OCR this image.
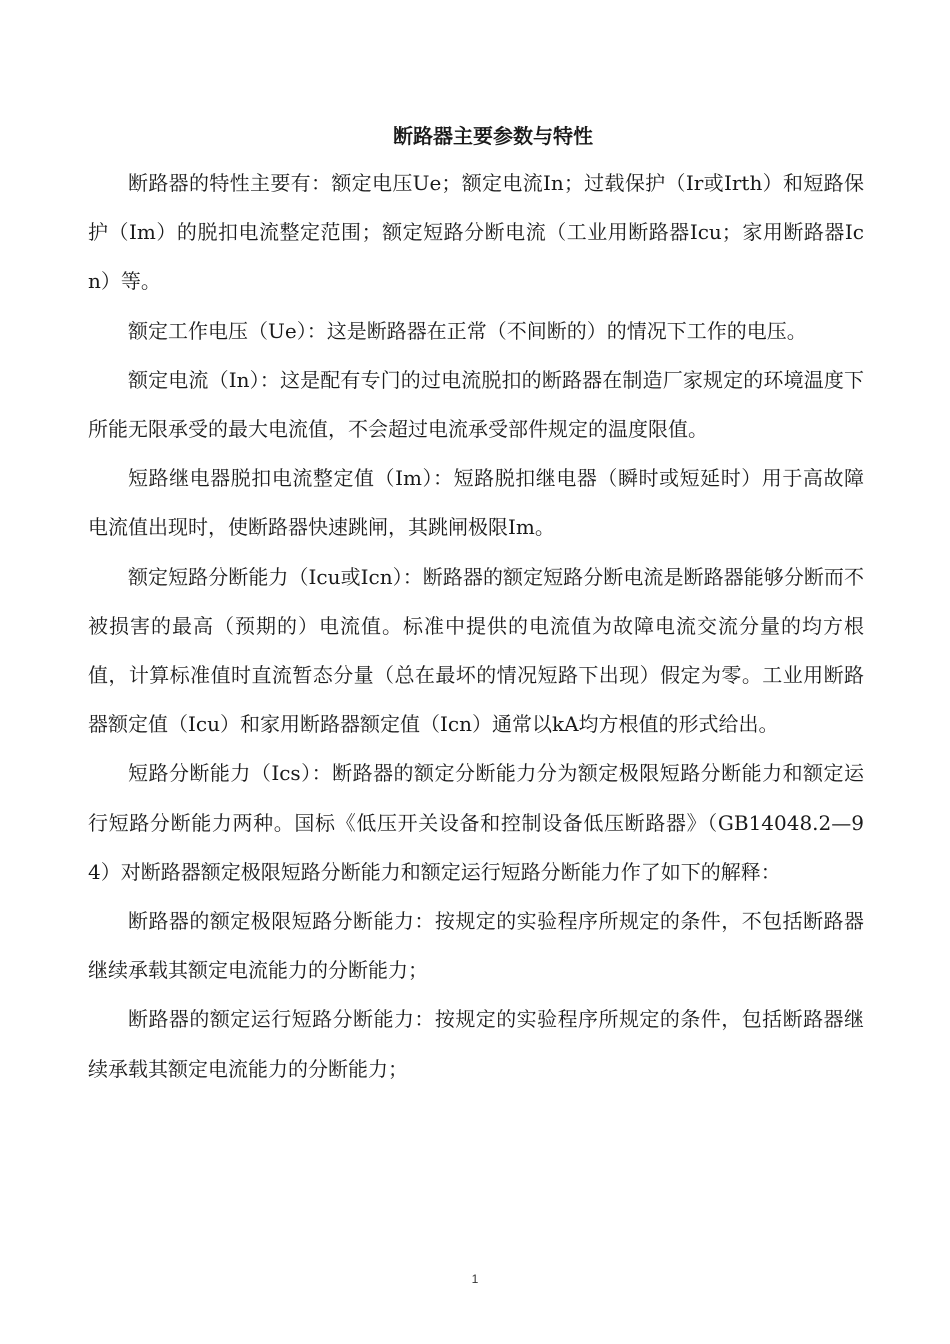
断路器主要参数与特性

断路器的特性主要有：额定电压Ue；额定电流In；过载保护（Ir或Irth）和短路保护（Im）的脱扣电流整定范围；额定短路分断电流（工业用断路器Icu；家用断路器Icn）等。

额定工作电压（Ue）：这是断路器在正常（不间断的）的情况下工作的电压。

额定电流（In）：这是配有专门的过电流脱扣的断路器在制造厂家规定的环境温度下所能无限承受的最大电流值，不会超过电流承受部件规定的温度限值。

短路继电器脱扣电流整定值（Im）：短路脱扣继电器（瞬时或短延时）用于高故障电流值出现时，使断路器快速跳闸，其跳闸极限Im。

额定短路分断能力（Icu或Icn）：断路器的额定短路分断电流是断路器能够分断而不被损害的最高（预期的）电流值。标准中提供的电流值为故障电流交流分量的均方根值，计算标准值时直流暂态分量（总在最坏的情况短路下出现）假定为零。工业用断路器额定值（Icu）和家用断路器额定值（Icn）通常以kA均方根值的形式给出。

短路分断能力（Ics）：断路器的额定分断能力分为额定极限短路分断能力和额定运行短路分断能力两种。国标《低压开关设备和控制设备低压断路器》（GB14048.2—94）对断路器额定极限短路分断能力和额定运行短路分断能力作了如下的解释：

断路器的额定极限短路分断能力：按规定的实验程序所规定的条件，不包括断路器继续承载其额定电流能力的分断能力；

断路器的额定运行短路分断能力：按规定的实验程序所规定的条件，包括断路器继续承载其额定电流能力的分断能力；

1
